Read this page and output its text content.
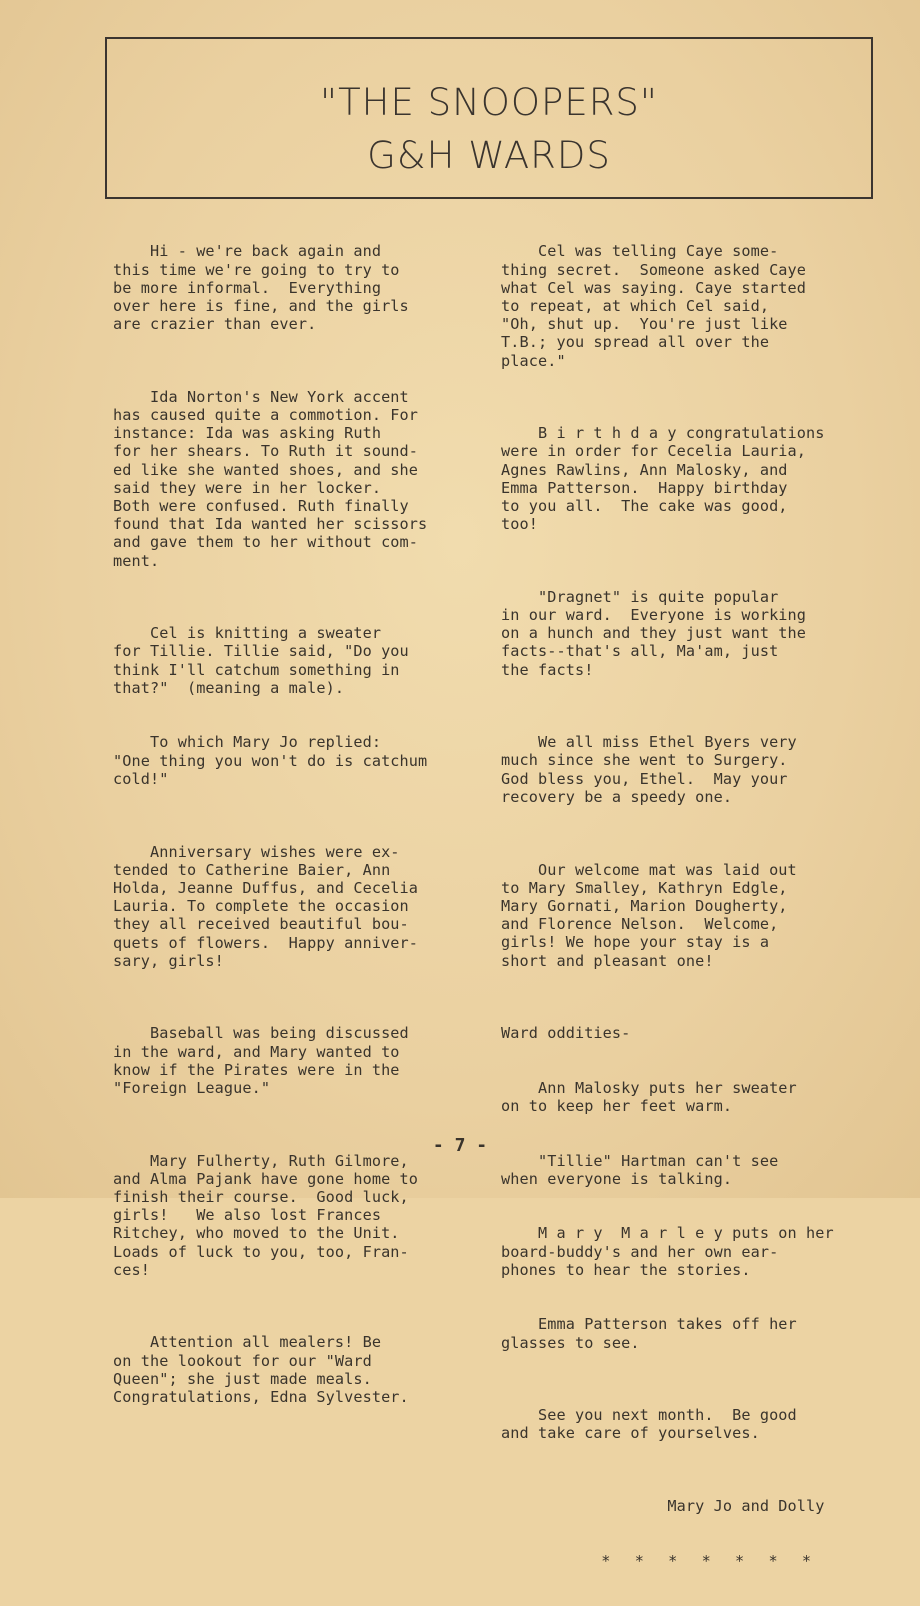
"THE SNOOPERS"
G&H WARDS

Hi - we're back again and
this time we're going to try to
be more informal.  Everything
over here is fine, and the girls
are crazier than ever.

Ida Norton's New York accent
has caused quite a commotion. For
instance: Ida was asking Ruth
for her shears. To Ruth it sound-
ed like she wanted shoes, and she
said they were in her locker.
Both were confused. Ruth finally
found that Ida wanted her scissors
and gave them to her without com-
ment.

Cel is knitting a sweater
for Tillie. Tillie said, "Do you
think I'll catchum something in
that?"  (meaning a male).

To which Mary Jo replied:
"One thing you won't do is catchum
cold!"

Anniversary wishes were ex-
tended to Catherine Baier, Ann
Holda, Jeanne Duffus, and Cecelia
Lauria. To complete the occasion
they all received beautiful bou-
quets of flowers.  Happy anniver-
sary, girls!

Baseball was being discussed
in the ward, and Mary wanted to
know if the Pirates were in the
"Foreign League."

Mary Fulherty, Ruth Gilmore,
and Alma Pajank have gone home to
finish their course.  Good luck,
girls!   We also lost Frances
Ritchey, who moved to the Unit.
Loads of luck to you, too, Fran-
ces!

Attention all mealers! Be
on the lookout for our "Ward
Queen"; she just made meals.
Congratulations, Edna Sylvester.

Cel was telling Caye some-
thing secret.  Someone asked Caye
what Cel was saying. Caye started
to repeat, at which Cel said,
"Oh, shut up.  You're just like
T.B.; you spread all over the
place."

B i r t h d a y congratulations
were in order for Cecelia Lauria,
Agnes Rawlins, Ann Malosky, and
Emma Patterson.  Happy birthday
to you all.  The cake was good,
too!

"Dragnet" is quite popular
in our ward.  Everyone is working
on a hunch and they just want the
facts--that's all, Ma'am, just
the facts!

We all miss Ethel Byers very
much since she went to Surgery.
God bless you, Ethel.  May your
recovery be a speedy one.

Our welcome mat was laid out
to Mary Smalley, Kathryn Edgle,
Mary Gornati, Marion Dougherty,
and Florence Nelson.  Welcome,
girls! We hope your stay is a
short and pleasant one!

Ward oddities-

Ann Malosky puts her sweater
on to keep her feet warm.

"Tillie" Hartman can't see
when everyone is talking.

M a r y  M a r l e y puts on her
board-buddy's and her own ear-
phones to hear the stories.

Emma Patterson takes off her
glasses to see.

See you next month.  Be good
and take care of yourselves.

Mary Jo and Dolly

*  *  *  *  *  *  *

- 7 -
